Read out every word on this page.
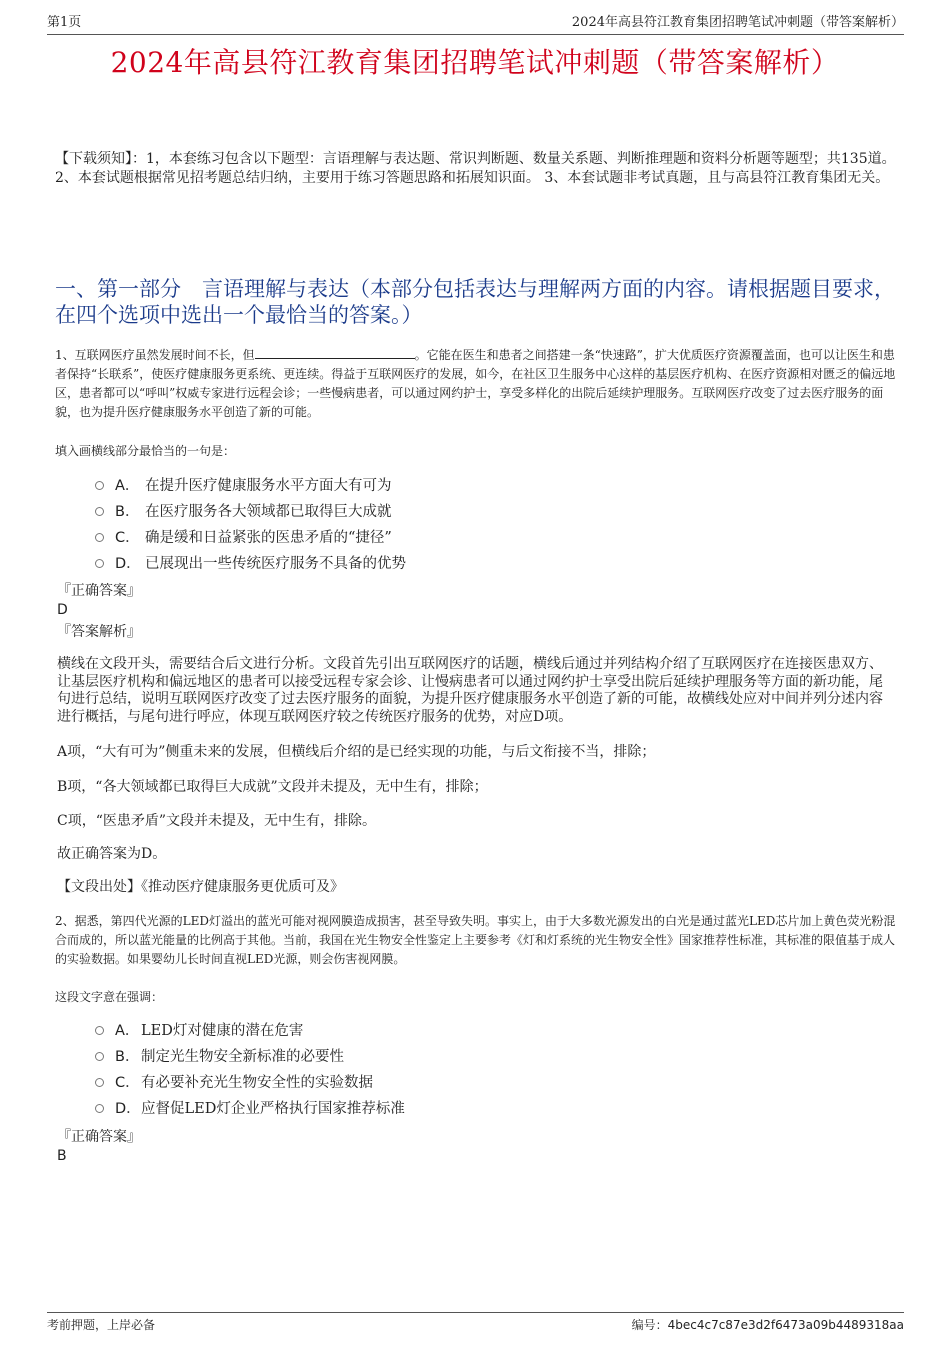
第1页	2024年高县符江教育集团招聘笔试冲刺题（带答案解析）
2024年高县符江教育集团招聘笔试冲刺题（带答案解析）
【下载须知】：1，本套练习包含以下题型：言语理解与表达题、常识判断题、数量关系题、判断推理题和资料分析题等题型；共135道。 2、本套试题根据常见招考题总结归纳，主要用于练习答题思路和拓展知识面。 3、本套试题非考试真题，且与高县符江教育集团无关。
一、第一部分　言语理解与表达（本部分包括表达与理解两方面的内容。请根据题目要求，在四个选项中选出一个最恰当的答案。）
1、互联网医疗虽然发展时间不长，但	。它能在医生和患者之间搭建一条“快速路”，扩大优质医疗资源覆盖面，也可以让医生和患者保持“长联系”，使医疗健康服务更系统、更连续。得益于互联网医疗的发展，如今，在社区卫生服务中心这样的基层医疗机构、在医疗资源相对匮乏的偏远地区，患者都可以“呼叫”权威专家进行远程会诊；一些慢病患者，可以通过网约护士，享受多样化的出院后延续护理服务。互联网医疗改变了过去医疗服务的面貌，也为提升医疗健康服务水平创造了新的可能。
填入画横线部分最恰当的一句是：
A． 在提升医疗健康服务水平方面大有可为
B． 在医疗服务各大领域都已取得巨大成就
C． 确是缓和日益紧张的医患矛盾的“捷径”
D． 已展现出一些传统医疗服务不具备的优势
『正确答案』
D
『答案解析』
横线在文段开头，需要结合后文进行分析。文段首先引出互联网医疗的话题，横线后通过并列结构介绍了互联网医疗在连接医患双方、让基层医疗机构和偏远地区的患者可以接受远程专家会诊、让慢病患者可以通过网约护士享受出院后延续护理服务等方面的新功能，尾句进行总结，说明互联网医疗改变了过去医疗服务的面貌，为提升医疗健康服务水平创造了新的可能，故横线处应对中间并列分述内容进行概括，与尾句进行呼应，体现互联网医疗较之传统医疗服务的优势，对应D项。
A项，“大有可为”侧重未来的发展，但横线后介绍的是已经实现的功能，与后文衔接不当，排除；
B项，“各大领域都已取得巨大成就”文段并未提及，无中生有，排除；
C项，“医患矛盾”文段并未提及，无中生有，排除。
故正确答案为D。
【文段出处】《推动医疗健康服务更优质可及》
2、据悉，第四代光源的LED灯溢出的蓝光可能对视网膜造成损害，甚至导致失明。事实上，由于大多数光源发出的白光是通过蓝光LED芯片加上黄色荧光粉混合而成的，所以蓝光能量的比例高于其他。当前，我国在光生物安全性鉴定上主要参考《灯和灯系统的光生物安全性》国家推荐性标准，其标准的限值基于成人的实验数据。如果婴幼儿长时间直视LED光源，则会伤害视网膜。
这段文字意在强调：
A． LED灯对健康的潜在危害
B． 制定光生物安全新标准的必要性
C． 有必要补充光生物安全性的实验数据
D． 应督促LED灯企业严格执行国家推荐标准
『正确答案』
B
考前押题，上岸必备	编号：4bec4c7c87e3d2f6473a09b4489318aa
